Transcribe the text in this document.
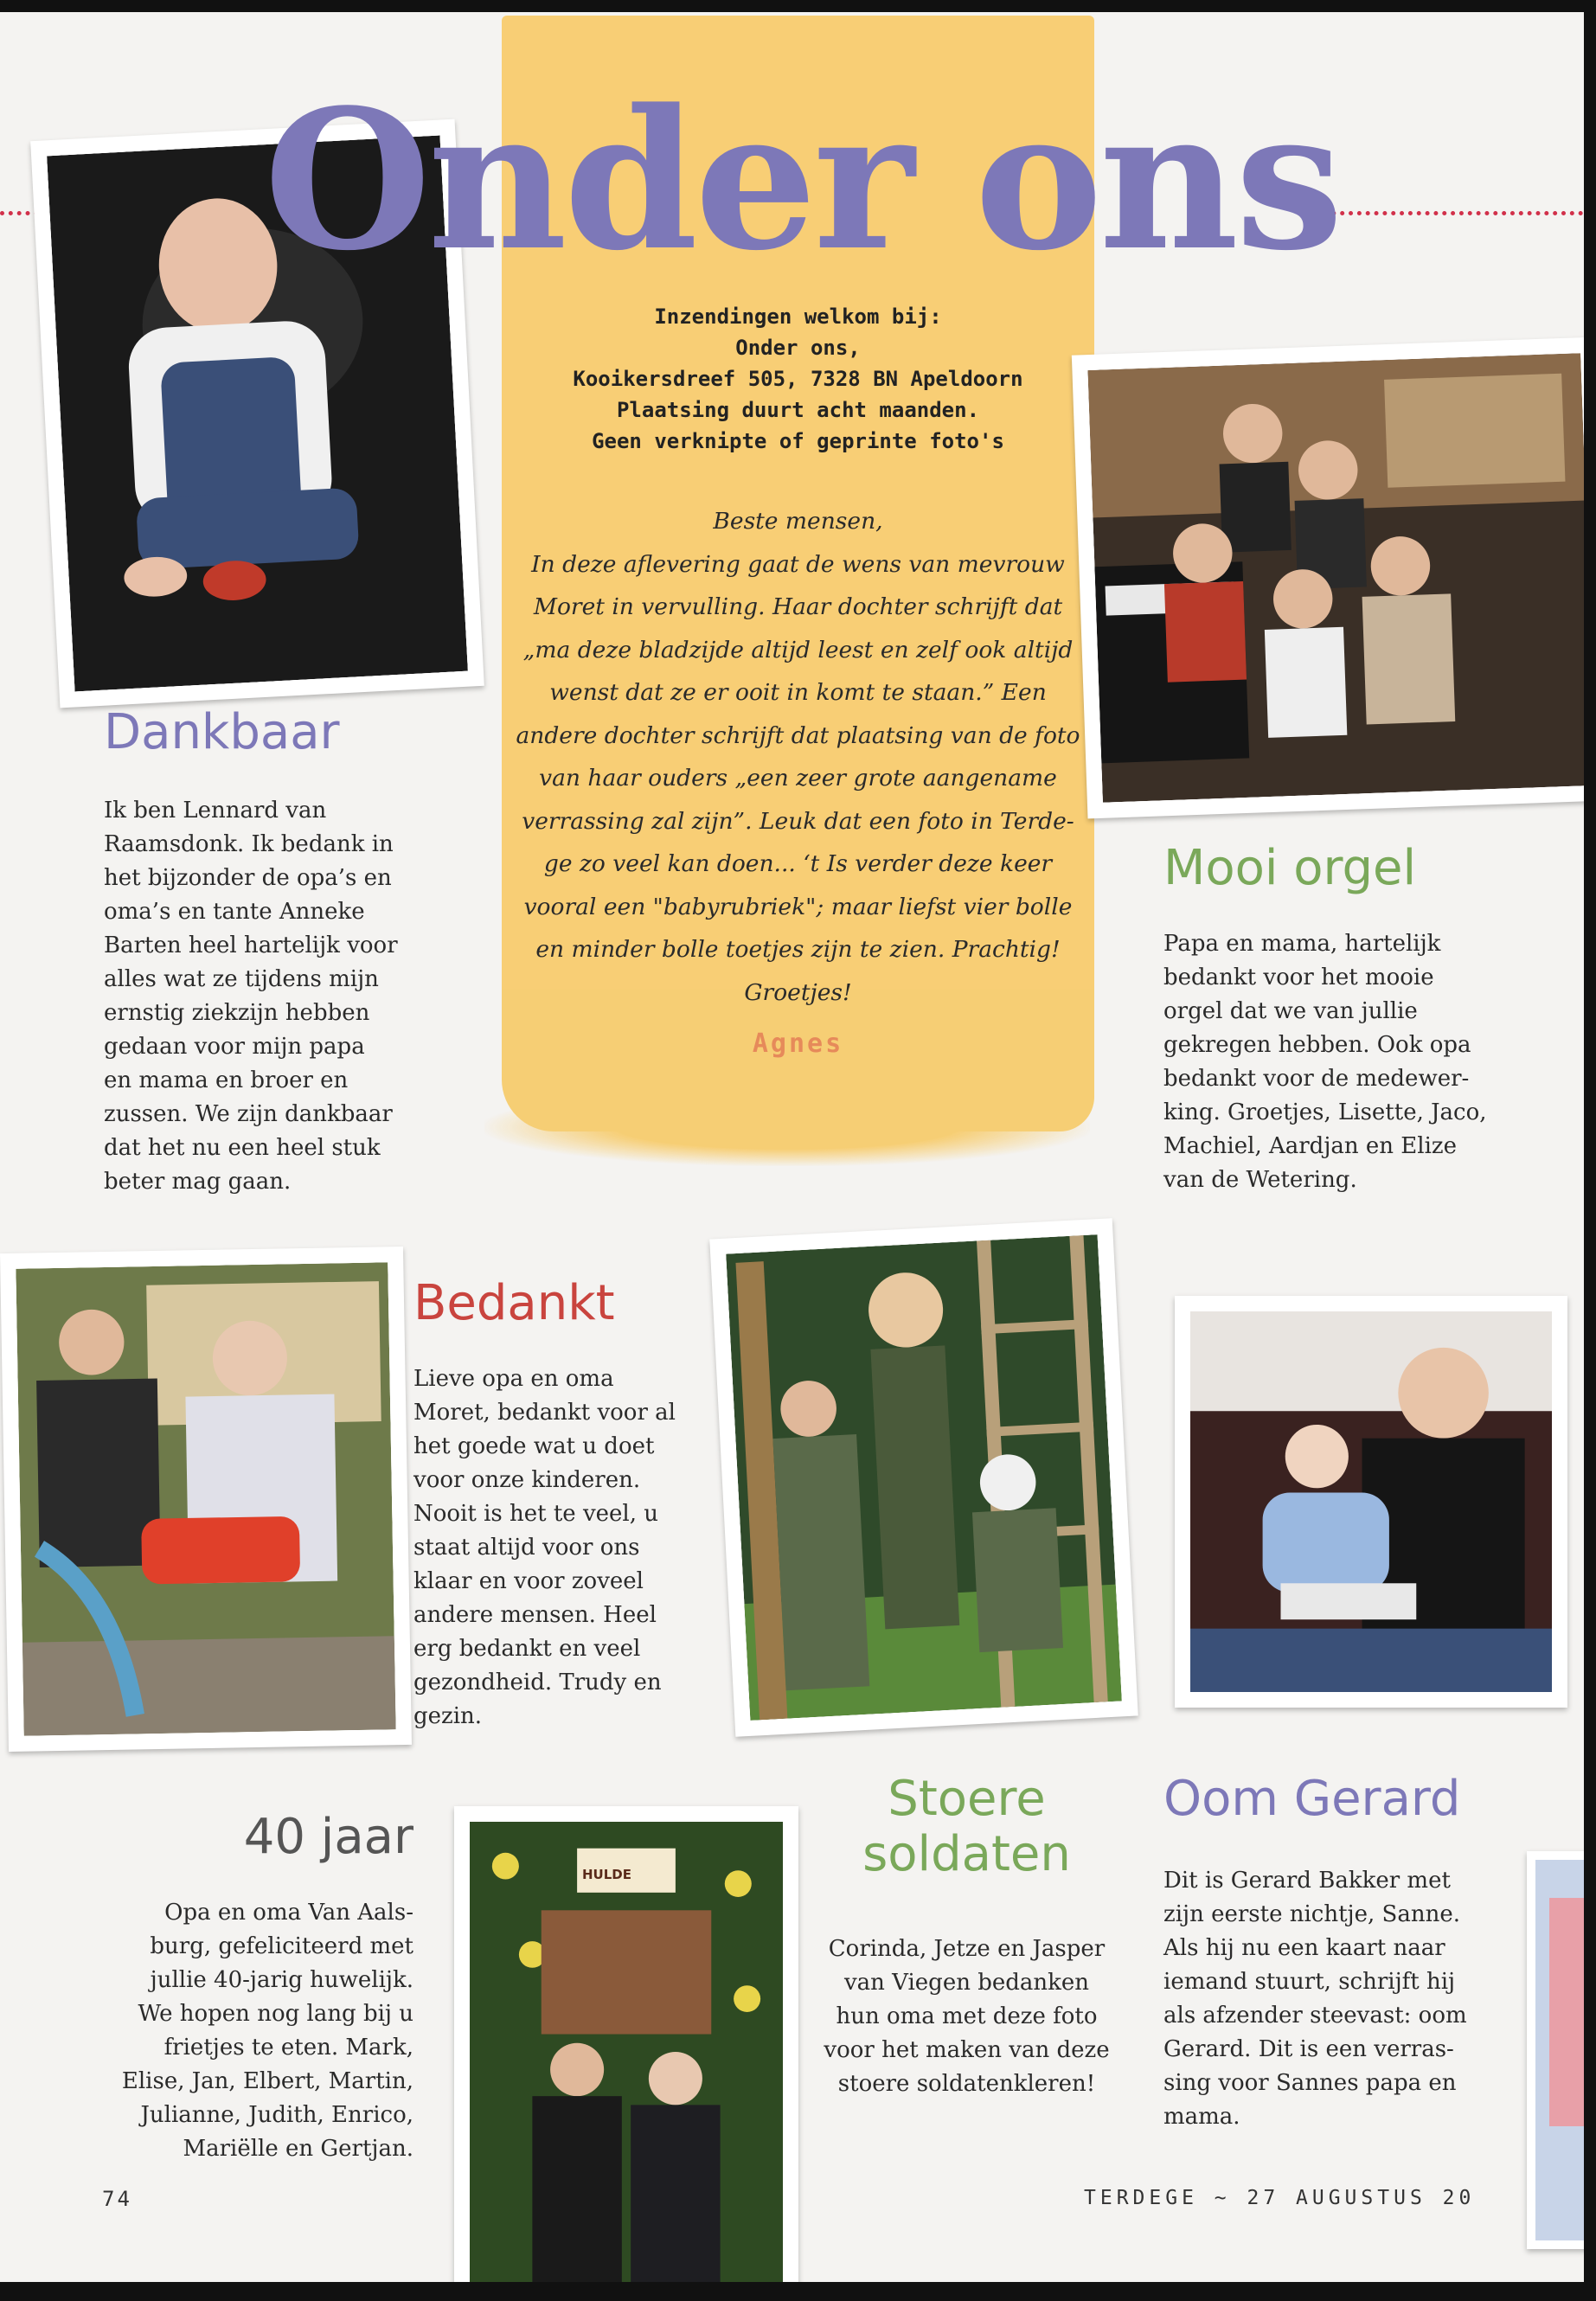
Onder ons
Inzendingen welkom bij:
Onder ons,
Kooikersdreef 505, 7328 BN Apeldoorn
Plaatsing duurt acht maanden.
Geen verknipte of geprinte foto's
Beste mensen,
In deze aflevering gaat de wens van mevrouw
Moret in vervulling. Haar dochter schrijft dat
„ma deze bladzijde altijd leest en zelf ook altijd
wenst dat ze er ooit in komt te staan.” Een
andere dochter schrijft dat plaatsing van de foto
van haar ouders „een zeer grote aangename
verrassing zal zijn”. Leuk dat een foto in Terde-
ge zo veel kan doen... ‘t Is verder deze keer
vooral een "babyrubriek"; maar liefst vier bolle
en minder bolle toetjes zijn te zien. Prachtig!
Groetjes!
Agnes
Dankbaar
Ik ben Lennard van
Raamsdonk. Ik bedank in
het bijzonder de opa’s en
oma’s en tante Anneke
Barten heel hartelijk voor
alles wat ze tijdens mijn
ernstig ziekzijn hebben
gedaan voor mijn papa
en mama en broer en
zussen. We zijn dankbaar
dat het nu een heel stuk
beter mag gaan.
Mooi orgel
Papa en mama, hartelijk
bedankt voor het mooie
orgel dat we van jullie
gekregen hebben. Ook opa
bedankt voor de medewer-
king. Groetjes, Lisette, Jaco,
Machiel, Aardjan en Elize
van de Wetering.
Bedankt
Lieve opa en oma
Moret, bedankt voor al
het goede wat u doet
voor onze kinderen.
Nooit is het te veel, u
staat altijd voor ons
klaar en voor zoveel
andere mensen. Heel
erg bedankt en veel
gezondheid. Trudy en
gezin.
40 jaar
Opa en oma Van Aals-
burg, gefeliciteerd met
jullie 40-jarig huwelijk.
We hopen nog lang bij u
frietjes te eten. Mark,
Elise, Jan, Elbert, Martin,
Julianne, Judith, Enrico,
Mariëlle en Gertjan.
HULDE
Stoere
soldaten
Corinda, Jetze en Jasper
van Viegen bedanken
hun oma met deze foto
voor het maken van deze
stoere soldatenkleren!
Oom Gerard
Dit is Gerard Bakker met
zijn eerste nichtje, Sanne.
Als hij nu een kaart naar
iemand stuurt, schrijft hij
als afzender steevast: oom
Gerard. Dit is een verras-
sing voor Sannes papa en
mama.
74	TERDEGE ~ 27 AUGUSTUS 20
